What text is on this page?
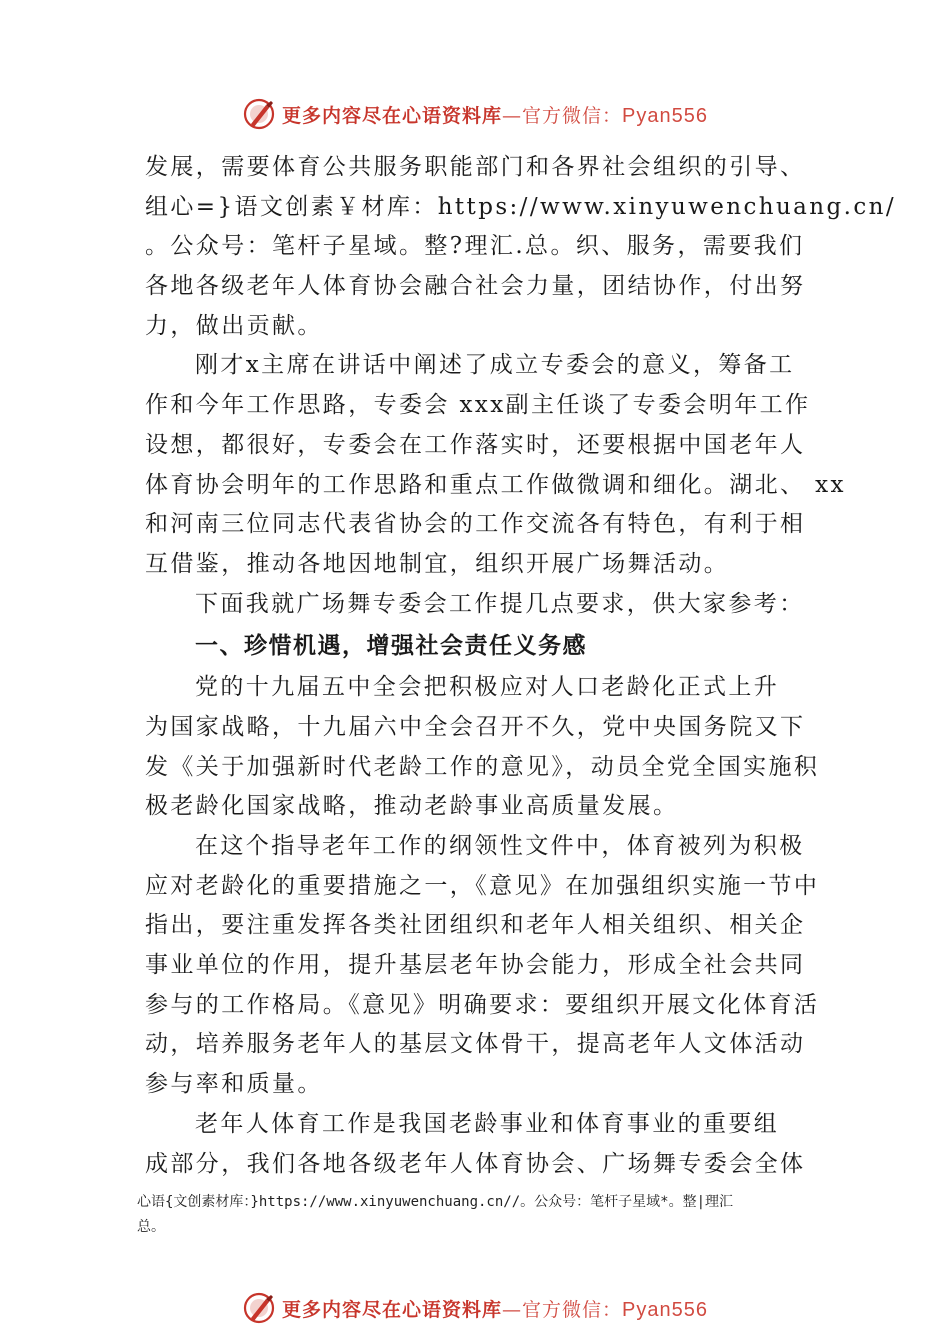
更多内容尽在心语资料库—官方微信：Pyan556
发展，需要体育公共服务职能部门和各界社会组织的引导、
组心=}语文创素￥材库：https://www.xinyuwenchuang.cn/
。公众号：笔杆子星域。整?理汇.总。织、服务，需要我们
各地各级老年人体育协会融合社会力量，团结协作，付出努
力，做出贡献。
刚才x主席在讲话中阐述了成立专委会的意义，筹备工
作和今年工作思路，专委会 xxx副主任谈了专委会明年工作
设想，都很好，专委会在工作落实时，还要根据中国老年人
体育协会明年的工作思路和重点工作做微调和细化。湖北、 xx
和河南三位同志代表省协会的工作交流各有特色，有利于相
互借鉴，推动各地因地制宜，组织开展广场舞活动。
下面我就广场舞专委会工作提几点要求，供大家参考：
一、珍惜机遇，增强社会责任义务感
党的十九届五中全会把积极应对人口老龄化正式上升
为国家战略，十九届六中全会召开不久，党中央国务院又下
发《关于加强新时代老龄工作的意见》，动员全党全国实施积
极老龄化国家战略，推动老龄事业高质量发展。
在这个指导老年工作的纲领性文件中，体育被列为积极
应对老龄化的重要措施之一，《意见》在加强组织实施一节中
指出，要注重发挥各类社团组织和老年人相关组织、相关企
事业单位的作用，提升基层老年协会能力，形成全社会共同
参与的工作格局。《意见》明确要求：要组织开展文化体育活
动，培养服务老年人的基层文体骨干，提高老年人文体活动
参与率和质量。
老年人体育工作是我国老龄事业和体育事业的重要组
成部分，我们各地各级老年人体育协会、广场舞专委会全体
心语{文创素材库：}https://www.xinyuwenchuang.cn//。公众号：笔杆子星域*。整|理汇
总。
更多内容尽在心语资料库—官方微信：Pyan556
